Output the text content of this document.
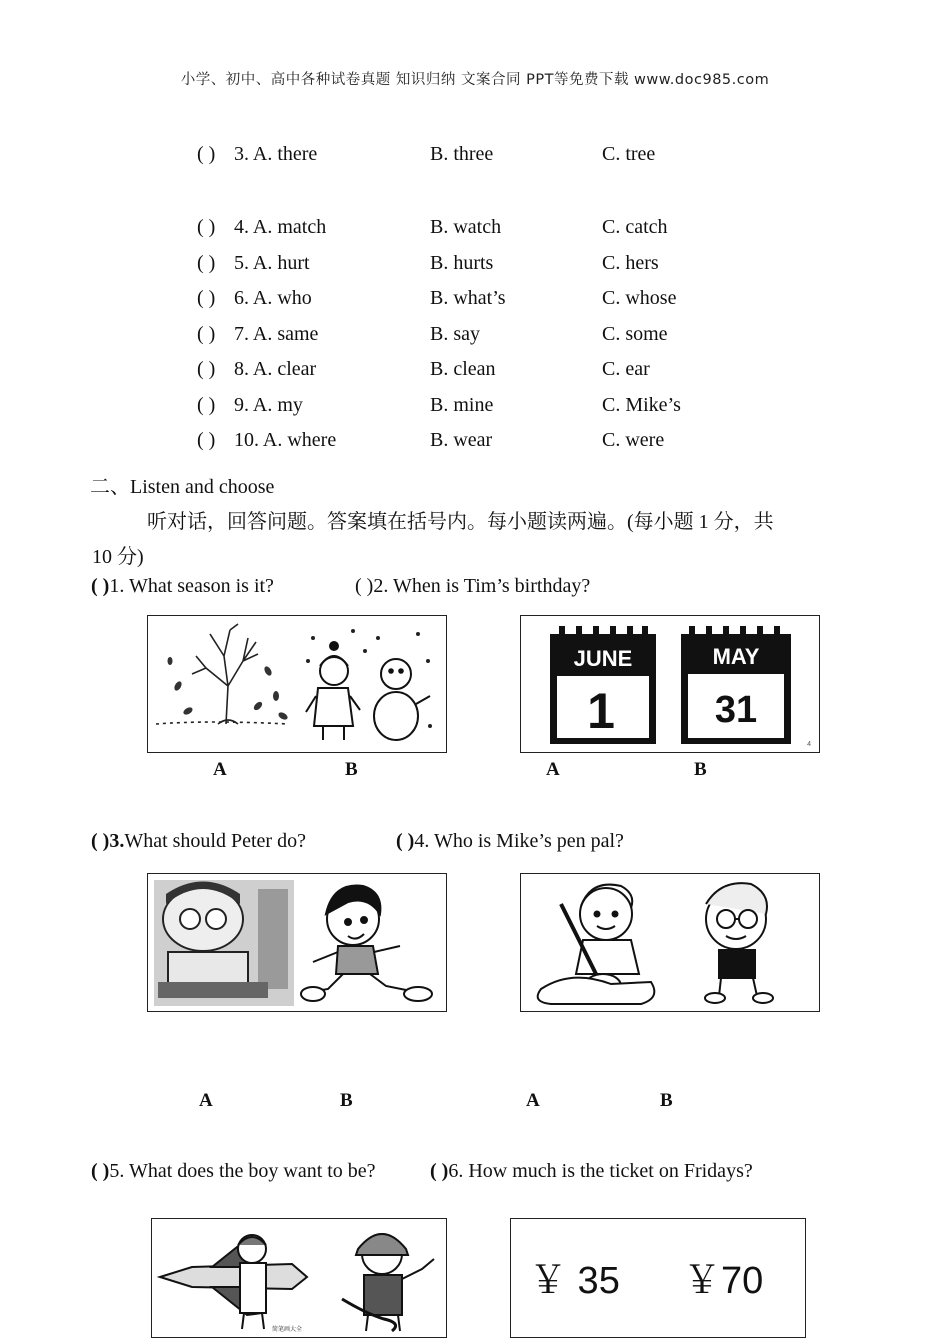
小学、初中、高中各种试卷真题 知识归纳 文案合同 PPT等免费下载 www.doc985.com
( ) 3. A. there	B. three	C. tree
( ) 4. A. match	B. watch	C. catch
( ) 5. A. hurt	B. hurts	C. hers
( ) 6. A. who	B. what’s	C. whose
( ) 7. A. same	B. say	C. some
( ) 8. A. clear	B. clean	C. ear
( ) 9. A. my	B. mine	C. Mike’s
( ) 10. A. where	B. wear	C. were
二、Listen and choose
听对话，回答问题。答案填在括号内。每小题读两遍。(每小题 1 分，共
10 分)
( )1. What season is it?	( )2. When is Tim’s birthday?
JUNE
1
MAY
31
4
A	B	A	B
( )3.What should Peter do?	( )4. Who is Mike’s pen pal?
A	B	A	B
( )5. What does the boy want to be?	( )6. How much is the ticket on Fridays?
简笔画大全
￥ 35 ￥70
